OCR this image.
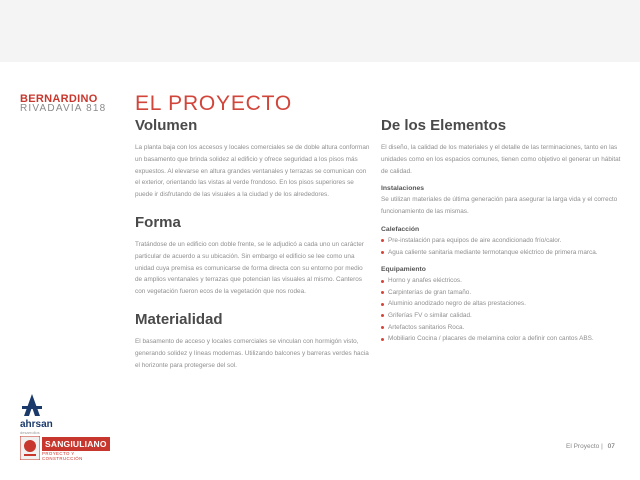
BERNARDINO
RIVADAVIA 818 EL PROYECTO
Volumen

La planta baja con los accesos y locales comerciales se de doble altura conforman un basamento que brinda solidez al edificio y ofrece seguridad a los pisos más expuestos. Al elevarse en altura grandes ventanales y terrazas se comunican con el exterior, orientando las vistas al verde frondoso. En los pisos superiores se puede ir disfrutando de las visuales a la ciudad y de los alrededores.

Forma

Tratándose de un edificio con doble frente, se le adjudicó a cada uno un carácter particular de acuerdo a su ubicación. Sin embargo el edificio se lee como una unidad cuya premisa es comunicarse de forma directa con su entorno por medio de amplios ventanales y terrazas que potencian las visuales al mismo. Canteros con vegetación fueron ecos de la vegetación que nos rodea.

Materialidad

El basamento de acceso y locales comerciales se vinculan con hormigón visto, generando solidez y líneas modernas. Utilizando balcones y barreras verdes hacia el horizonte para protegerse del sol.

De los Elementos

El diseño, la calidad de los materiales y el detalle de las terminaciones, tanto en las unidades como en los espacios comunes, tienen como objetivo el generar un hábitat de calidad.

Instalaciones

Se utilizan materiales de última generación para asegurar la larga vida y el correcto funcionamiento de las mismas.

Calefacción
Pre-instalación para equipos de aire acondicionado frío/calor.
Agua caliente sanitaria mediante termotanque eléctrico de primera marca.
Equipamiento
Horno y anafes eléctricos.
Carpinterías de gran tamaño.
Aluminio anodizado negro de altas prestaciones.
Griferías FV o similar calidad.
Artefactos sanitarios Roca.
Mobiliario Cocina / placares de melamina color a definir con cantos ABS.
ahrsan
desarrollos
SANGIULIANO
PROYECTO Y CONSTRUCCIÓN
El Proyecto | 07
